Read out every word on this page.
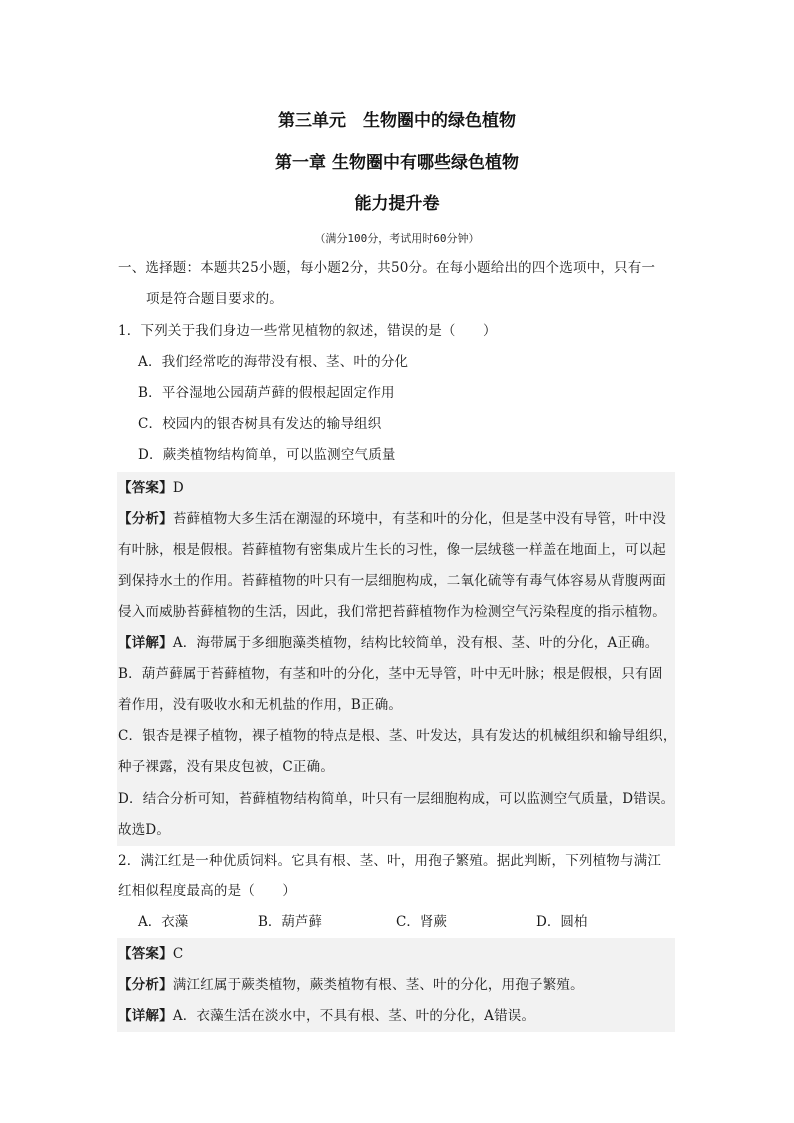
第三单元　生物圈中的绿色植物
第一章 生物圈中有哪些绿色植物
能力提升卷
（满分100分，考试用时60分钟）
一、选择题：本题共25小题，每小题2分，共50分。在每小题给出的四个选项中，只有一
项是符合题目要求的。
1．下列关于我们身边一些常见植物的叙述，错误的是（　　）
A．我们经常吃的海带没有根、茎、叶的分化
B．平谷湿地公园葫芦藓的假根起固定作用
C．校园内的银杏树具有发达的输导组织
D．蕨类植物结构简单，可以监测空气质量
【答案】D
【分析】苔藓植物大多生活在潮湿的环境中，有茎和叶的分化，但是茎中没有导管，叶中没
有叶脉，根是假根。苔藓植物有密集成片生长的习性，像一层绒毯一样盖在地面上，可以起
到保持水土的作用。苔藓植物的叶只有一层细胞构成，二氧化硫等有毒气体容易从背腹两面
侵入而威胁苔藓植物的生活，因此，我们常把苔藓植物作为检测空气污染程度的指示植物。
【详解】A．海带属于多细胞藻类植物，结构比较简单，没有根、茎、叶的分化，A正确。
B．葫芦藓属于苔藓植物，有茎和叶的分化，茎中无导管，叶中无叶脉；根是假根，只有固
着作用，没有吸收水和无机盐的作用，B正确。
C．银杏是裸子植物，裸子植物的特点是根、茎、叶发达，具有发达的机械组织和输导组织，
种子裸露，没有果皮包被，C正确。
D．结合分析可知，苔藓植物结构简单，叶只有一层细胞构成，可以监测空气质量，D错误。
故选D。
2．满江红是一种优质饲料。它具有根、茎、叶，用孢子繁殖。据此判断，下列植物与满江
红相似程度最高的是（　　）
A．衣藻	B．葫芦藓	C．肾蕨	D．圆柏
【答案】C
【分析】满江红属于蕨类植物，蕨类植物有根、茎、叶的分化，用孢子繁殖。
【详解】A．衣藻生活在淡水中，不具有根、茎、叶的分化，A错误。
